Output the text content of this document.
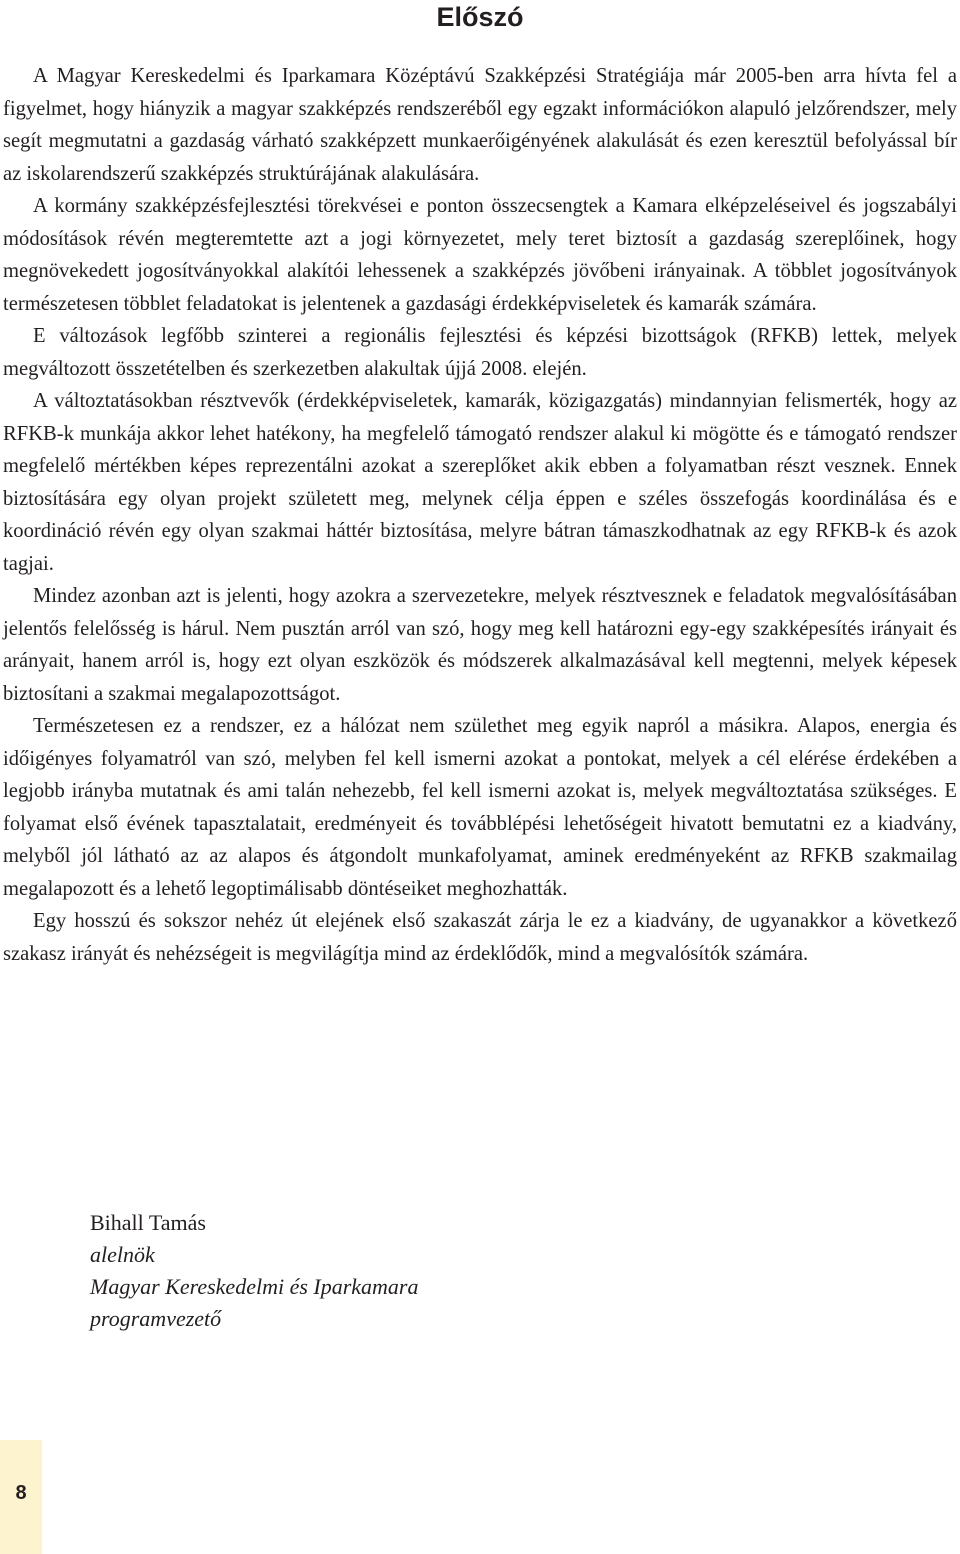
Előszó

A Magyar Kereskedelmi és Iparkamara Középtávú Szakképzési Stratégiája már 2005-ben arra hívta fel a figyelmet, hogy hiányzik a magyar szakképzés rendszeréből egy egzakt információkon alapuló jelzőrendszer, mely segít megmutatni a gazdaság várható szakképzett munkaerőigényének alakulását és ezen keresztül befolyással bír az iskolarendszerű szakképzés struktúrájának alakulására.

A kormány szakképzésfejlesztési törekvései e ponton összecsengtek a Kamara elképzeléseivel és jogszabályi módosítások révén megteremtette azt a jogi környezetet, mely teret biztosít a gazdaság szereplőinek, hogy megnövekedett jogosítványokkal alakítói lehessenek a szakképzés jövőbeni irányainak. A többlet jogosítványok természetesen többlet feladatokat is jelentenek a gazdasági érdekképviseletek és kamarák számára.

E változások legfőbb szinterei a regionális fejlesztési és képzési bizottságok (RFKB) lettek, melyek megváltozott összetételben és szerkezetben alakultak újjá 2008. elején.

A változtatásokban résztvevők (érdekképviseletek, kamarák, közigazgatás) mindannyian felismerték, hogy az RFKB-k munkája akkor lehet hatékony, ha megfelelő támogató rendszer alakul ki mögötte és e támogató rendszer megfelelő mértékben képes reprezentálni azokat a szereplőket akik ebben a folyamatban részt vesznek. Ennek biztosítására egy olyan projekt született meg, melynek célja éppen e széles összefogás koordinálása és e koordináció révén egy olyan szakmai háttér biztosítása, melyre bátran támaszkodhatnak az egy RFKB-k és azok tagjai.

Mindez azonban azt is jelenti, hogy azokra a szervezetekre, melyek résztvesznek e feladatok megvalósításában jelentős felelősség is hárul. Nem pusztán arról van szó, hogy meg kell határozni egy-egy szakképesítés irányait és arányait, hanem arról is, hogy ezt olyan eszközök és módszerek alkalmazásával kell megtenni, melyek képesek biztosítani a szakmai megalapozottságot.

Természetesen ez a rendszer, ez a hálózat nem születhet meg egyik napról a másikra. Alapos, energia és időigényes folyamatról van szó, melyben fel kell ismerni azokat a pontokat, melyek a cél elérése érdekében a legjobb irányba mutatnak és ami talán nehezebb, fel kell ismerni azokat is, melyek megváltoztatása szükséges. E folyamat első évének tapasztalatait, eredményeit és továbblépési lehetőségeit hivatott bemutatni ez a kiadvány, melyből jól látható az az alapos és átgondolt munkafolyamat, aminek eredményeként az RFKB szakmailag megalapozott és a lehető legoptimálisabb döntéseiket meghozhatták.

Egy hosszú és sokszor nehéz út elejének első szakaszát zárja le ez a kiadvány, de ugyanakkor a következő szakasz irányát és nehézségeit is megvilágítja mind az érdeklődők, mind a megvalósítók számára.

Bihall Tamás
alelnök
Magyar Kereskedelmi és Iparkamara
programvezető
8
